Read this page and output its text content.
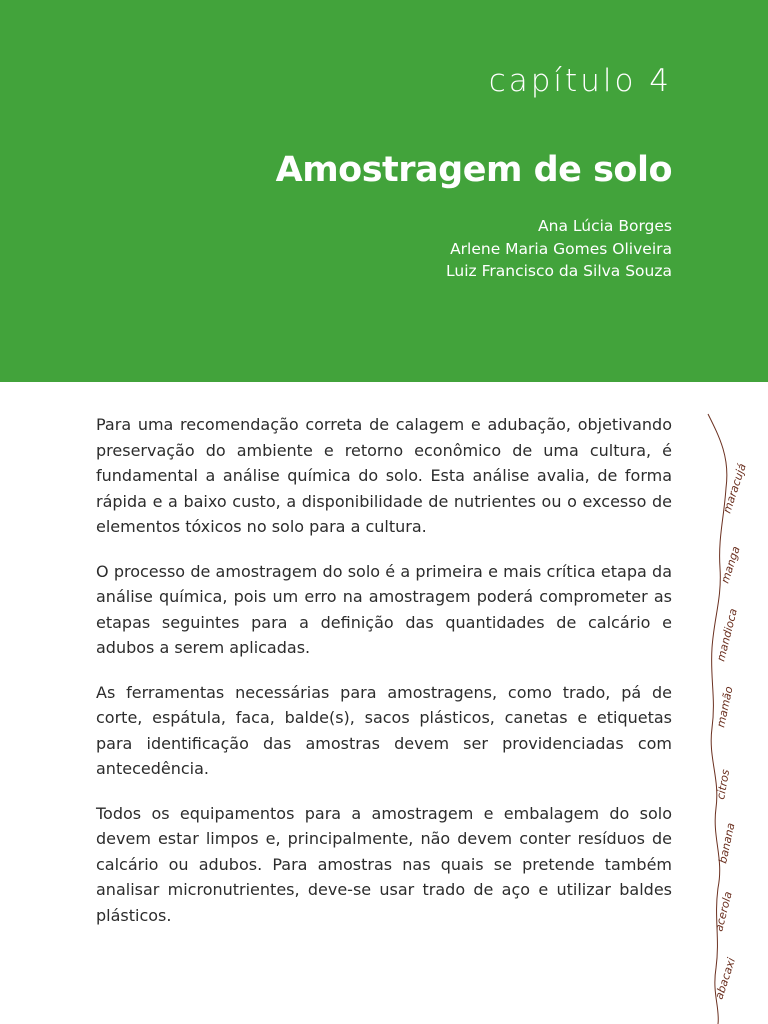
capítulo 4
Amostragem de solo
Ana Lúcia Borges
Arlene Maria Gomes Oliveira
Luiz Francisco da Silva Souza

Para uma recomendação correta de calagem e adubação, objetivando preservação do ambiente e retorno econômico de uma cultura, é fundamental a análise química do solo. Esta análise avalia, de forma rápida e a baixo custo, a disponibilidade de nutrientes ou o excesso de elementos tóxicos no solo para a cultura.

O processo de amostragem do solo é a primeira e mais crítica etapa da análise química, pois um erro na amostragem poderá comprometer as etapas seguintes para a definição das quantidades de calcário e adubos a serem aplicadas.

As ferramentas necessárias para amostragens, como trado, pá de corte, espátula, faca, balde(s), sacos plásticos, canetas e etiquetas para identificação das amostras devem ser providenciadas com antecedência.

Todos os equipamentos para a amostragem e embalagem do solo devem estar limpos e, principalmente, não devem conter resíduos de calcário ou adubos. Para amostras nas quais se pretende também analisar micronutrientes, deve-se usar trado de aço e utilizar baldes plásticos.

maracujá
manga
mandioca
mamão
citros
banana
acerola
abacaxi
